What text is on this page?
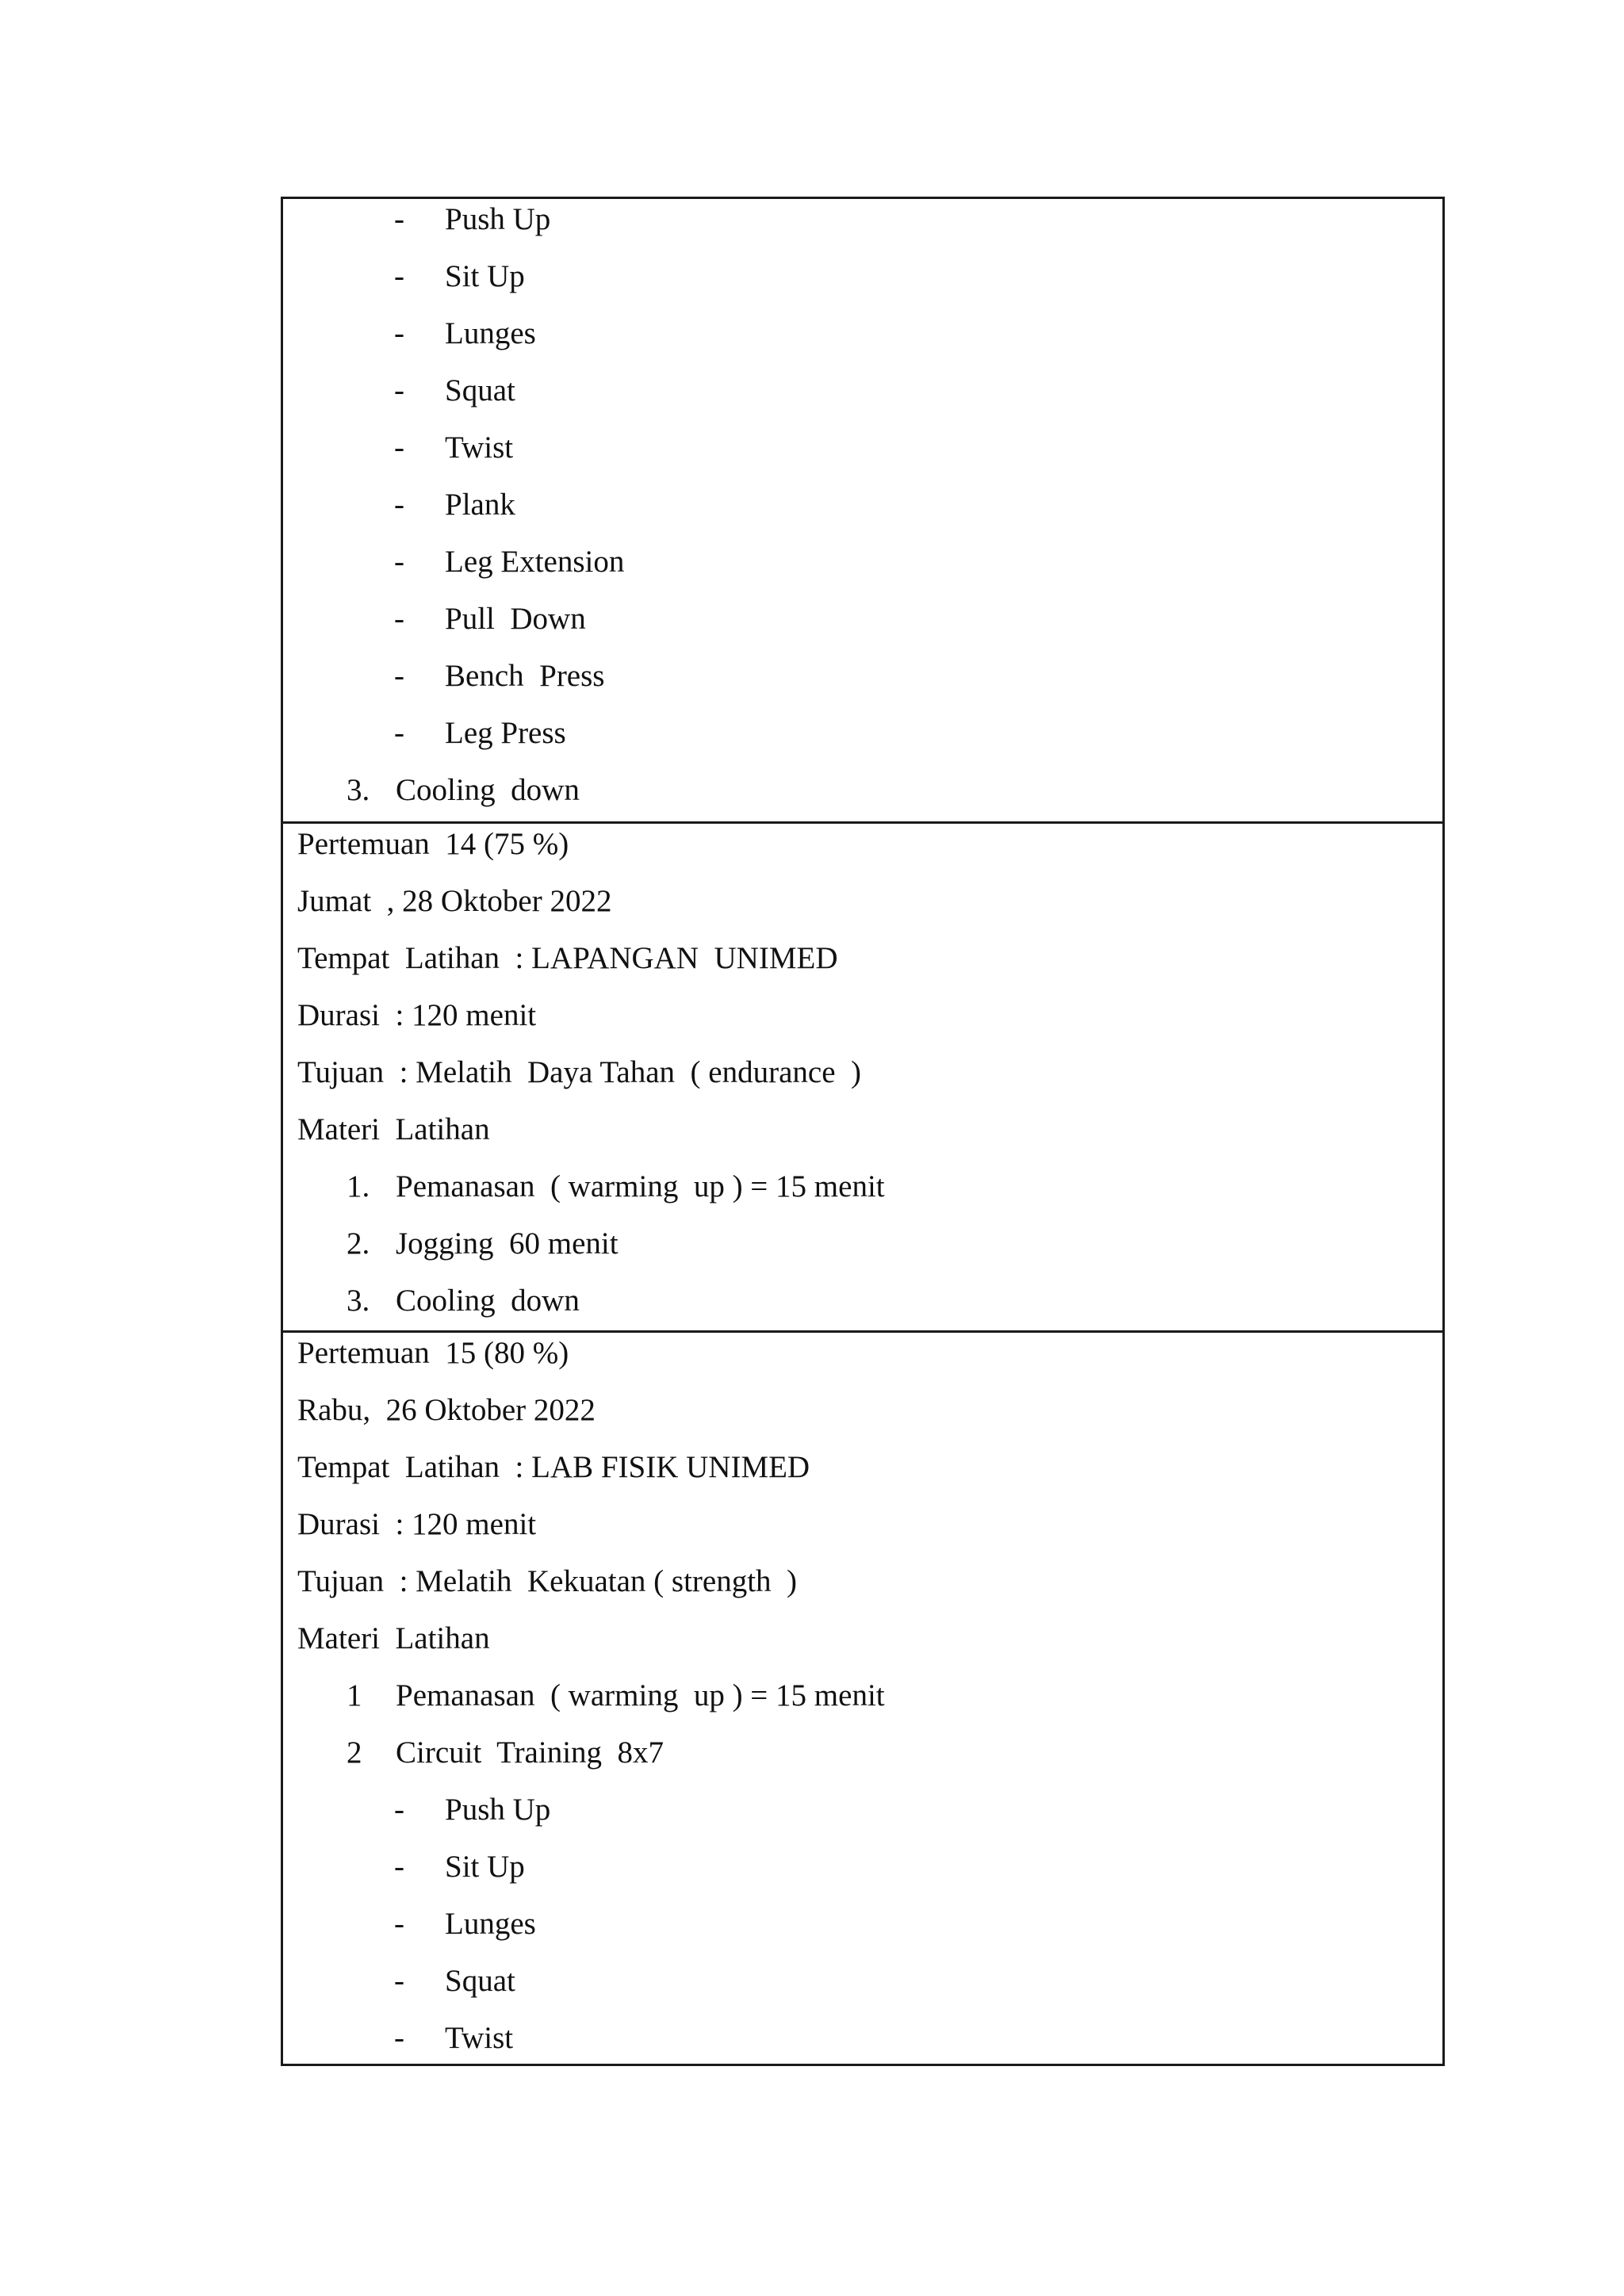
- Push Up
- Sit Up
- Lunges
- Squat
- Twist
- Plank
- Leg Extension
- Pull  Down
- Bench  Press
- Leg Press
3. Cooling  down
Pertemuan  14 (75 %)
Jumat  , 28 Oktober 2022
Tempat  Latihan  : LAPANGAN  UNIMED
Durasi  : 120 menit
Tujuan  : Melatih  Daya Tahan  ( endurance  )
Materi  Latihan
1. Pemanasan  ( warming  up ) = 15 menit
2. Jogging  60 menit
3. Cooling  down
Pertemuan  15 (80 %)
Rabu,  26 Oktober 2022
Tempat  Latihan  : LAB FISIK UNIMED
Durasi  : 120 menit
Tujuan  : Melatih  Kekuatan ( strength  )
Materi  Latihan
1 Pemanasan  ( warming  up ) = 15 menit
2 Circuit  Training  8x7
- Push Up
- Sit Up
- Lunges
- Squat
- Twist
